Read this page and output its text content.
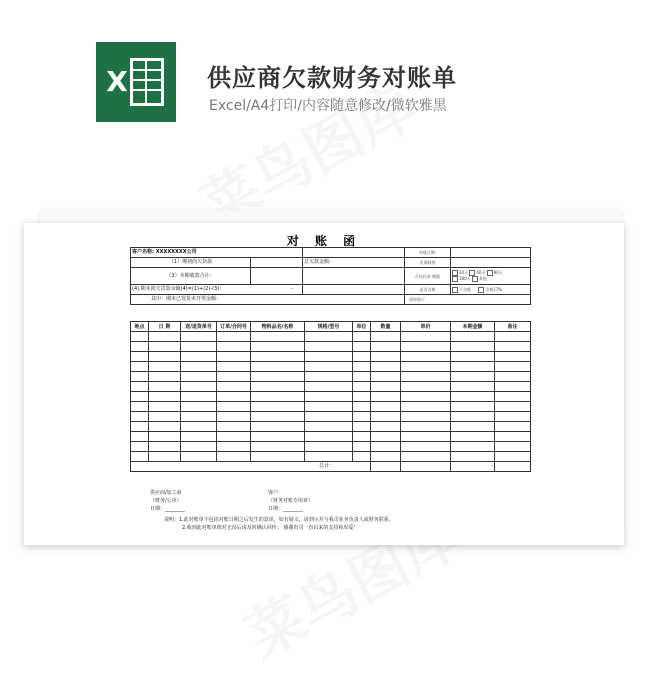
X	供应商欠款财务对账单
Excel/A4打印/内容随意修改/微软雅黑
对 账 函
客户名称: XXXXXXXX公司			对账日期:	
（1）期初尚欠货款		总欠款金额：	业务联络	
（3）本期收款合计：			月结付款 期限	30天 60天 90天
180天 其他
(4).期末尚欠货款余额(4)=(1)+(2)-(3)： -			是否含税	不含税 含税17%
其中：期末已发货未开票金额：			清单如下	
地点	日 期	送/退货单号	订单/合同号	物料品名/名称	规格/型号	单位	数量	单价	本期金额	备注

总计：									-	
供应商/加工商
（财务/公章）
日期：________
客户
（财务对账专用章）
日期：________
说明：1.此对账单不包括对账日期之后发生的款项，如有疑义，请到示并与我司业务负责人或财务联系。
2.收到此对账单核对无误后请及时确认回传； 感谢贵司一直以来的支持和厚爱！
